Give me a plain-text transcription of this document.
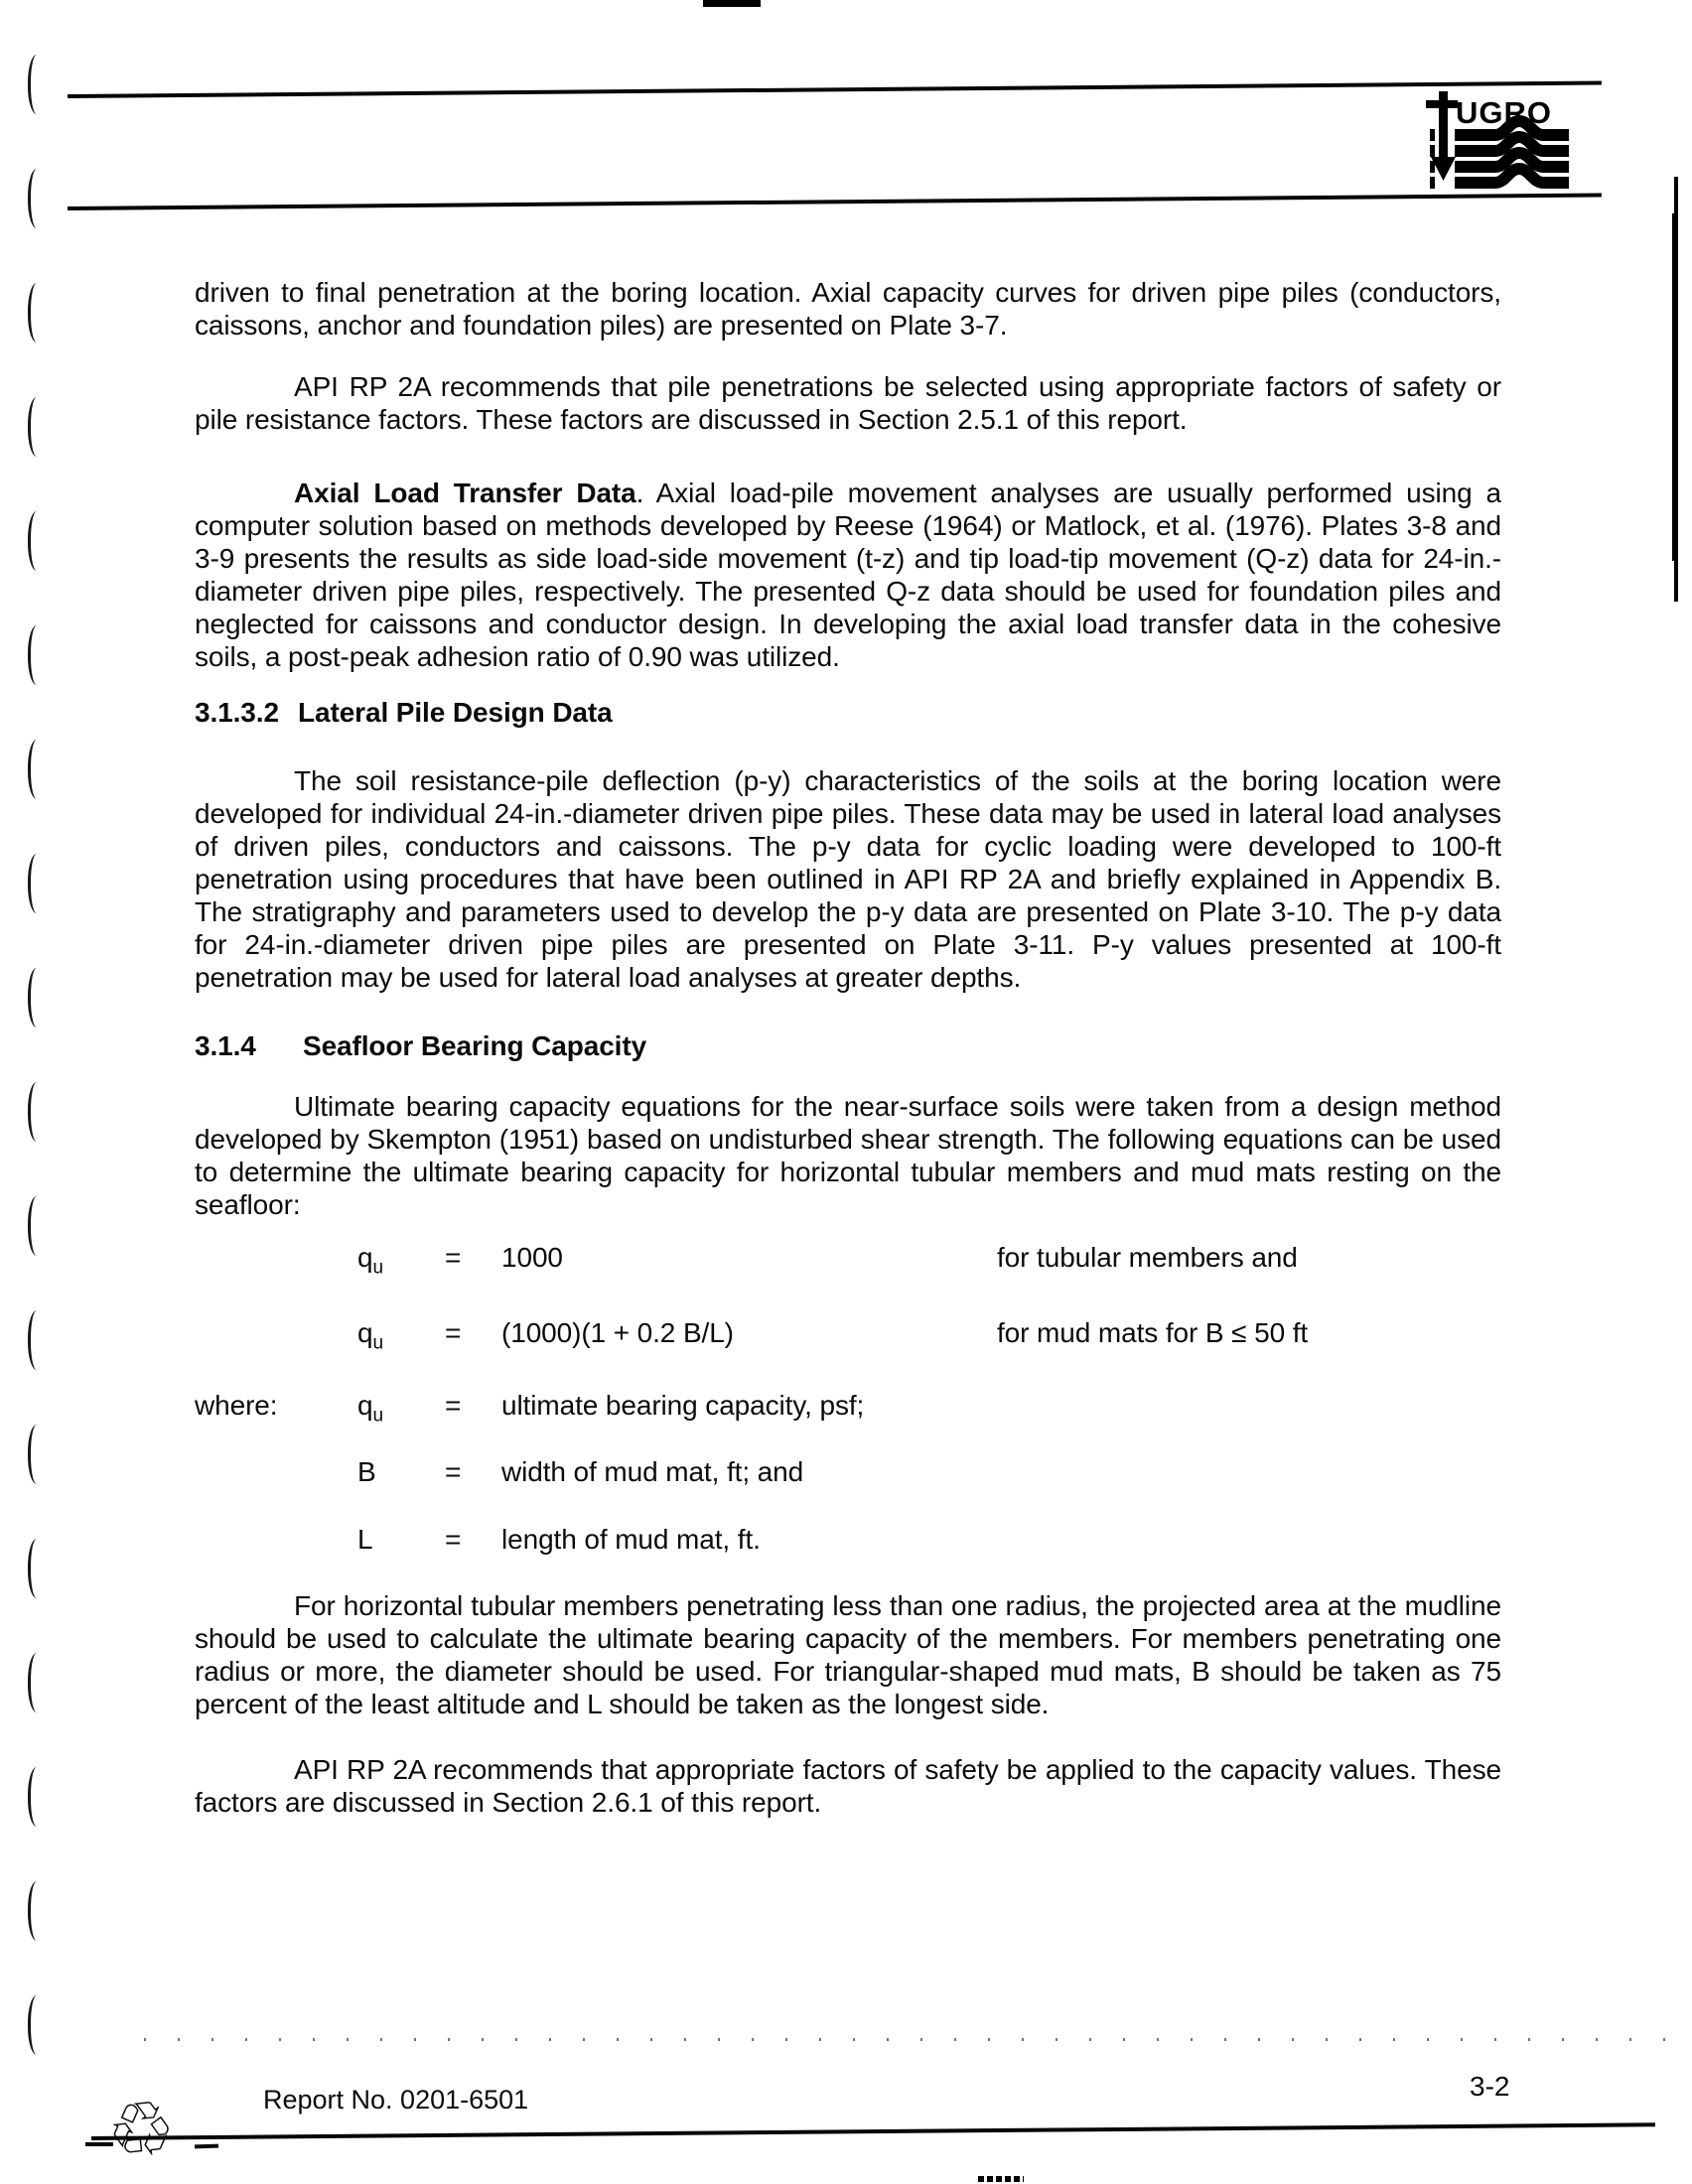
UGRO

driven to final penetration at the boring location. Axial capacity curves for driven pipe piles (conductors, caissons, anchor and foundation piles) are presented on Plate 3-7.

API RP 2A recommends that pile penetrations be selected using appropriate factors of safety or pile resistance factors. These factors are discussed in Section 2.5.1 of this report.

Axial Load Transfer Data. Axial load-pile movement analyses are usually performed using a computer solution based on methods developed by Reese (1964) or Matlock, et al. (1976). Plates 3-8 and 3-9 presents the results as side load-side movement (t-z) and tip load-tip movement (Q-z) data for 24-in.-diameter driven pipe piles, respectively. The presented Q-z data should be used for foundation piles and neglected for caissons and conductor design. In developing the axial load transfer data in the cohesive soils, a post-peak adhesion ratio of 0.90 was utilized.

3.1.3.2 Lateral Pile Design Data

The soil resistance-pile deflection (p-y) characteristics of the soils at the boring location were developed for individual 24-in.-diameter driven pipe piles. These data may be used in lateral load analyses of driven piles, conductors and caissons. The p-y data for cyclic loading were developed to 100-ft penetration using procedures that have been outlined in API RP 2A and briefly explained in Appendix B. The stratigraphy and parameters used to develop the p-y data are presented on Plate 3-10. The p-y data for 24-in.-diameter driven pipe piles are presented on Plate 3-11. P-y values presented at 100-ft penetration may be used for lateral load analyses at greater depths.

3.1.4 Seafloor Bearing Capacity

Ultimate bearing capacity equations for the near-surface soils were taken from a design method developed by Skempton (1951) based on undisturbed shear strength. The following equations can be used to determine the ultimate bearing capacity for horizontal tubular members and mud mats resting on the seafloor:

$q_u$	=	1000	for tubular members and
$q_u$	=	(1000)(1 + 0.2 B/L)	for mud mats for B ≤ 50 ft
where:	$q_u$	=	ultimate bearing capacity, psf;
B	=	width of mud mat, ft; and
L	=	length of mud mat, ft.

For horizontal tubular members penetrating less than one radius, the projected area at the mudline should be used to calculate the ultimate bearing capacity of the members. For members penetrating one radius or more, the diameter should be used. For triangular-shaped mud mats, B should be taken as 75 percent of the least altitude and L should be taken as the longest side.

API RP 2A recommends that appropriate factors of safety be applied to the capacity values. These factors are discussed in Section 2.6.1 of this report.

♲	Report No. 0201-6501	3-2
